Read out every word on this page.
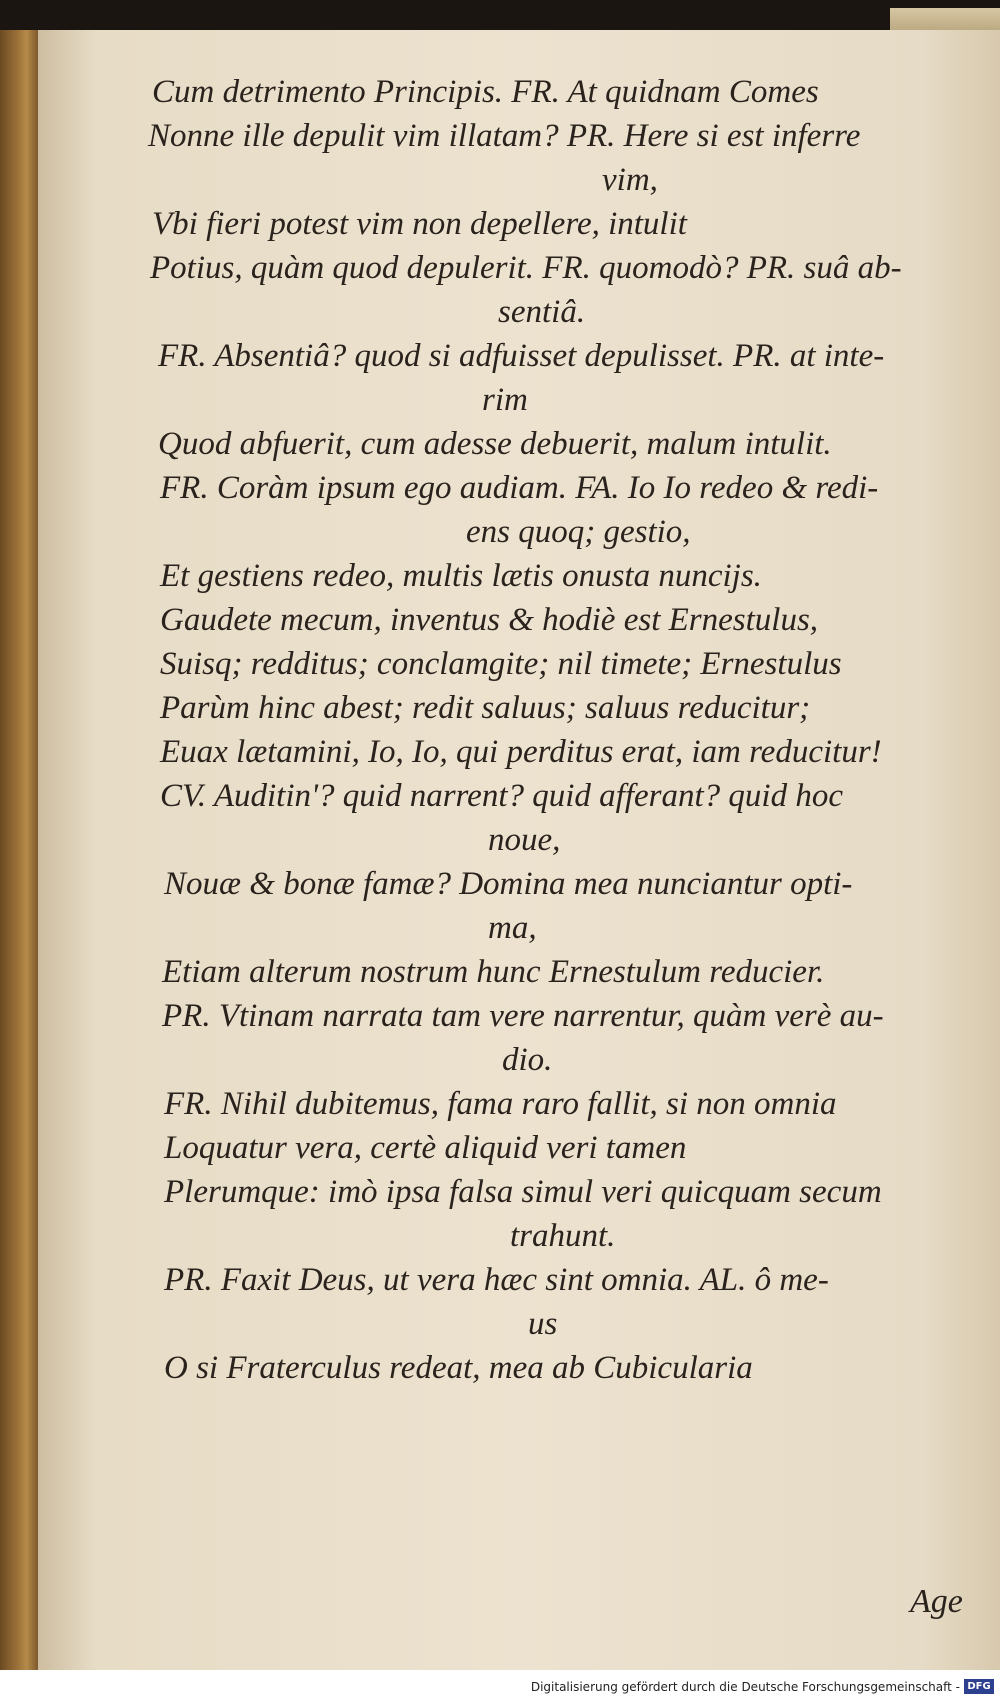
Cum detrimento Principis. FR. At quidnam Comes
Nonne ille depulit vim illatam? PR. Here si est inferre
vim,
Vbi fieri potest vim non depellere, intulit
Potius, quàm quod depulerit. FR. quomodò? PR. suâ ab-
sentiâ.
FR. Absentiâ? quod si adfuisset depulisset. PR. at inte-
rim
Quod abfuerit, cum adesse debuerit, malum intulit.
FR. Coràm ipsum ego audiam. FA. Io Io redeo & redi-
ens quoq; gestio,
Et gestiens redeo, multis lætis onusta nuncijs.
Gaudete mecum, inventus & hodiè est Ernestulus,
Suisq; redditus; conclamgite; nil timete; Ernestulus
Parùm hinc abest; redit saluus; saluus reducitur;
Euax lætamini, Io, Io, qui perditus erat, iam reducitur!
CV. Auditin'? quid narrent? quid afferant? quid hoc
noue,
Nouæ & bonæ famæ? Domina mea nunciantur opti-
ma,
Etiam alterum nostrum hunc Ernestulum reducier.
PR. Vtinam narrata tam vere narrentur, quàm verè au-
dio.
FR. Nihil dubitemus, fama raro fallit, si non omnia
Loquatur vera, certè aliquid veri tamen
Plerumque: imò ipsa falsa simul veri quicquam secum
trahunt.
PR. Faxit Deus, ut vera hæc sint omnia. AL. ô me-
us
O si Fraterculus redeat, mea ab Cubicularia
Age
Digitalisierung gefördert durch die Deutsche Forschungsgemeinschaft - DFG
